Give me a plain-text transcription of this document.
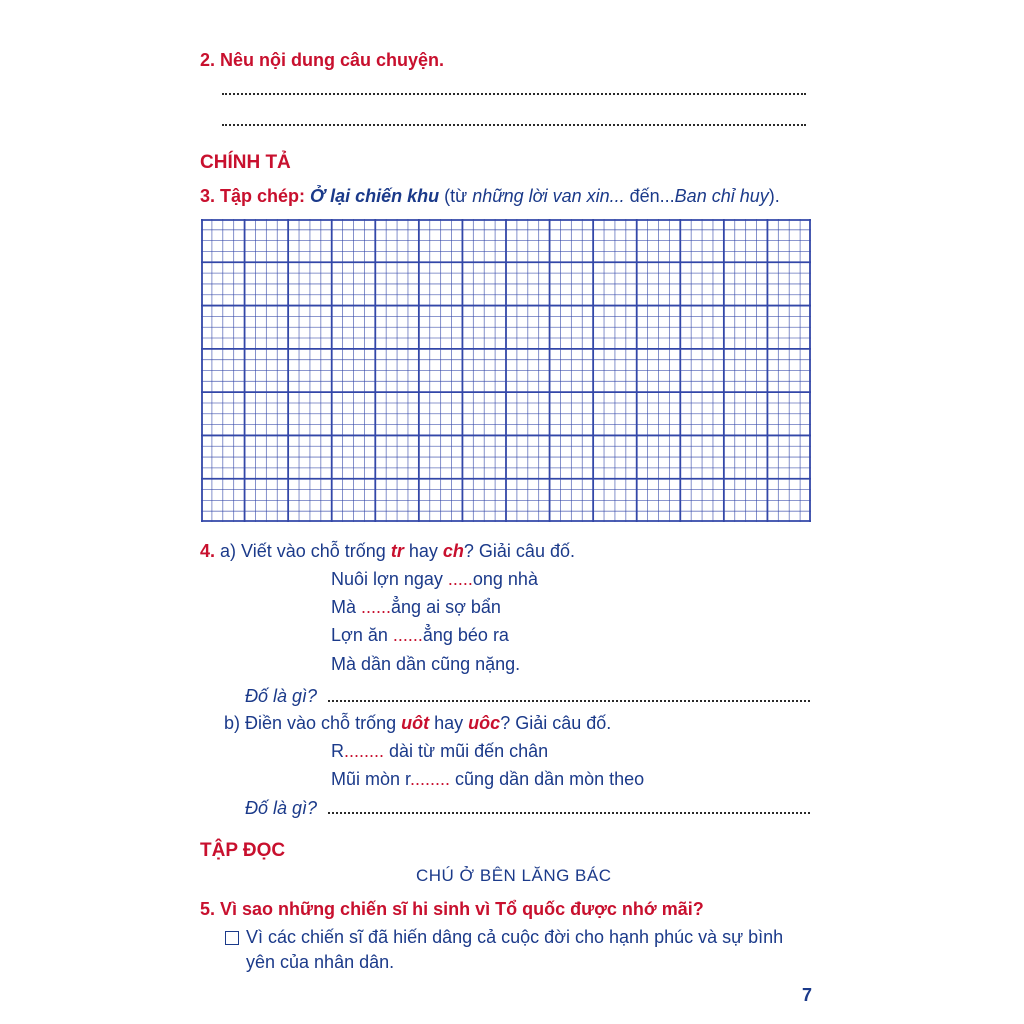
2. Nêu nội dung câu chuyện.
CHÍNH TẢ
3. Tập chép: Ở lại chiến khu (từ những lời van xin... đến...Ban chỉ huy).
4. a) Viết vào chỗ trống tr hay ch? Giải câu đố.
Nuôi lợn ngay .....ong nhà
Mà ......ẳng ai sợ bẩn
Lợn ăn ......ẳng béo ra
Mà dần dần cũng nặng.
Đố là gì?
b) Điền vào chỗ trống uôt hay uôc? Giải câu đố.
R........ dài từ mũi đến chân
Mũi mòn r........ cũng dần dần mòn theo
Đố là gì?
TẬP ĐỌC
CHÚ Ở BÊN LĂNG BÁC
5. Vì sao những chiến sĩ hi sinh vì Tổ quốc được nhớ mãi?
Vì các chiến sĩ đã hiến dâng cả cuộc đời cho hạnh phúc và sự bình
yên của nhân dân.
7
